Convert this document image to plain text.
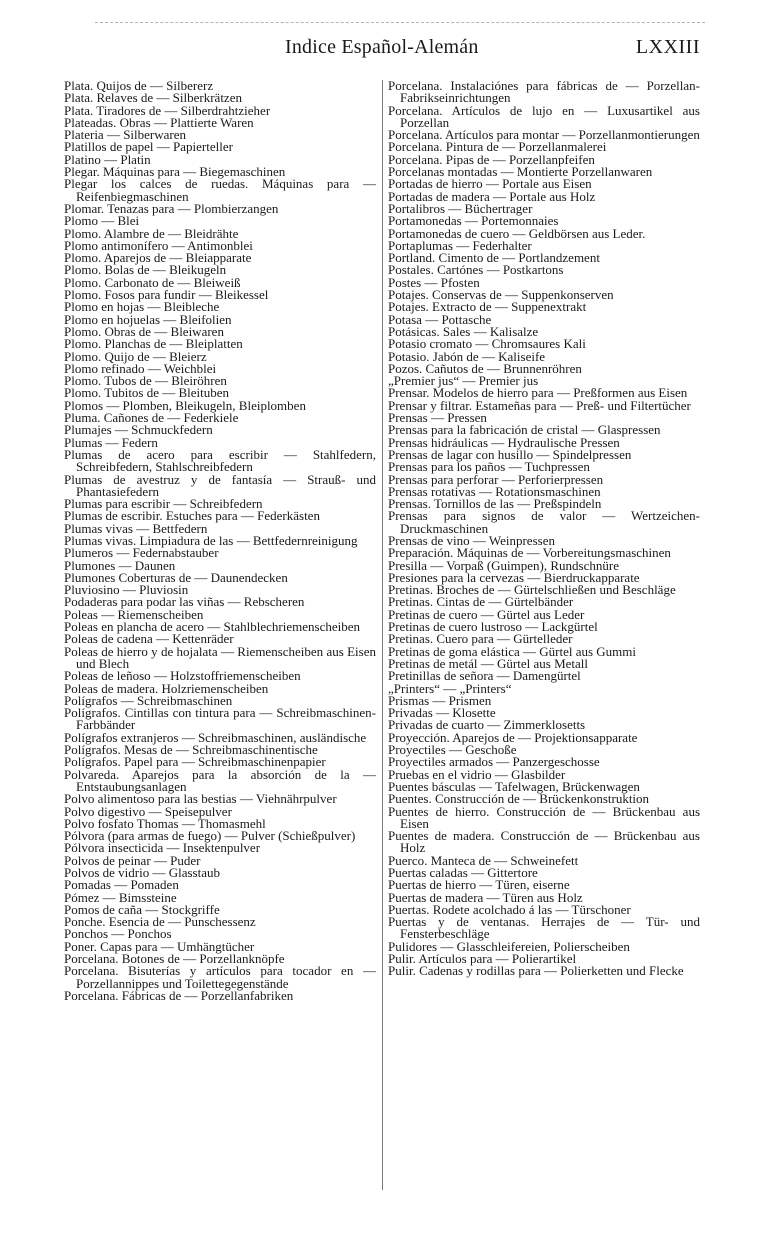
Indice Español-Alemán	LXXIII
Plata. Quijos de — Silbererz
Plata. Relaves de — Silberkrätzen
Plata. Tiradores de — Silberdrahtzieher
Plateadas. Obras — Plattierte Waren
Plateria — Silberwaren
Platillos de papel — Papierteller
Platino — Platin
Plegar. Máquinas para — Biegemaschinen
Plegar los calces de ruedas. Máquinas para — Reifenbiegmaschinen
Plomar. Tenazas para — Plombierzangen
Plomo — Blei
Plomo. Alambre de — Bleidrähte
Plomo antimonífero — Antimonblei
Plomo. Aparejos de — Bleiapparate
Plomo. Bolas de — Bleikugeln
Plomo. Carbonato de — Bleiweiß
Plomo. Fosos para fundir — Bleikessel
Plomo en hojas — Bleibleche
Plomo en hojuelas — Bleifolien
Plomo. Obras de — Bleiwaren
Plomo. Planchas de — Bleiplatten
Plomo. Quijo de — Bleierz
Plomo refinado — Weichblei
Plomo. Tubos de — Bleiröhren
Plomo. Tubitos de — Bleituben
Plomos — Plomben, Bleikugeln, Bleiplomben
Pluma. Cañones de — Federkiele
Plumajes — Schmuckfedern
Plumas — Federn
Plumas de acero para escribir — Stahlfedern, Schreibfedern, Stahlschreibfedern
Plumas de avestruz y de fantasía — Strauß- und Phantasiefedern
Plumas para escribir — Schreibfedern
Plumas de escribir. Estuches para — Federkästen
Plumas vivas — Bettfedern
Plumas vivas. Limpiadura de las — Bettfedernreinigung
Plumeros — Federnabstauber
Plumones — Daunen
Plumones Coberturas de — Daunendecken
Pluviosino — Pluviosin
Podaderas para podar las viñas — Rebscheren
Poleas — Riemenscheiben
Poleas en plancha de acero — Stahlblechriemenscheiben
Poleas de cadena — Kettenräder
Poleas de hierro y de hojalata — Riemenscheiben aus Eisen und Blech
Poleas de leñoso — Holzstoffriemenscheiben
Poleas de madera. Holzriemenscheiben
Polígrafos — Schreibmaschinen
Polígrafos. Cintillas con tintura para — Schreibmaschinen-Farbbänder
Polígrafos extranjeros — Schreibmaschinen, ausländische
Polígrafos. Mesas de — Schreibmaschinentische
Polígrafos. Papel para — Schreibmaschinenpapier
Polvareda. Aparejos para la absorción de la — Entstaubungsanlagen
Polvo alimentoso para las bestias — Viehnährpulver
Polvo digestivo — Speisepulver
Polvo fosfato Thomas — Thomasmehl
Pólvora (para armas de fuego) — Pulver (Schießpulver)
Pólvora insecticida — Insektenpulver
Polvos de peinar — Puder
Polvos de vidrio — Glasstaub
Pomadas — Pomaden
Pómez — Bimssteine
Pomos de caña — Stockgriffe
Ponche. Esencia de — Punschessenz
Ponchos — Ponchos
Poner. Capas para — Umhängtücher
Porcelana. Botones de — Porzellanknöpfe
Porcelana. Bisuterías y artículos para tocador en — Porzellannippes und Toilettegegenstände
Porcelana. Fábricas de — Porzellanfabriken
Porcelana. Instalaciónes para fábricas de — Porzellan-Fabrikseinrichtungen
Porcelana. Artículos de lujo en — Luxusartikel aus Porzellan
Porcelana. Artículos para montar — Porzellanmontierungen
Porcelana. Pintura de — Porzellanmalerei
Porcelana. Pipas de — Porzellanpfeifen
Porcelanas montadas — Montierte Porzellanwaren
Portadas de hierro — Portale aus Eisen
Portadas de madera — Portale aus Holz
Portalibros — Büchertrager
Portamonedas — Portemonnaies
Portamonedas de cuero — Geldbörsen aus Leder.
Portaplumas — Federhalter
Portland. Cimento de — Portlandzement
Postales. Cartónes — Postkartons
Postes — Pfosten
Potajes. Conservas de — Suppenkonserven
Potajes. Extracto de — Suppenextrakt
Potasa — Pottasche
Potásicas. Sales — Kalisalze
Potasio cromato — Chromsaures Kali
Potasio. Jabón de — Kaliseife
Pozos. Cañutos de — Brunnenröhren
„Premier jus“ — Premier jus
Prensar. Modelos de hierro para — Preßformen aus Eisen
Prensar y filtrar. Estameñas para — Preß- und Filtertücher
Prensas — Pressen
Prensas para la fabricación de cristal — Glaspressen
Prensas hidráulicas — Hydraulische Pressen
Prensas de lagar con husillo — Spindelpressen
Prensas para los paños — Tuchpressen
Prensas para perforar — Perforierpressen
Prensas rotativas — Rotationsmaschinen
Prensas. Tornillos de las — Preßspindeln
Prensas para signos de valor — Wertzeichen-Druckmaschinen
Prensas de vino — Weinpressen
Preparación. Máquinas de — Vorbereitungsmaschinen
Presilla — Vorpaß (Guimpen), Rundschnüre
Presiones para la cervezas — Bierdruckapparate
Pretinas. Broches de — Gürtelschließen und Beschläge
Pretinas. Cintas de — Gürtelbänder
Pretinas de cuero — Gürtel aus Leder
Pretinas de cuero lustroso — Lackgürtel
Pretinas. Cuero para — Gürtelleder
Pretinas de goma elástica — Gürtel aus Gummi
Pretinas de metál — Gürtel aus Metall
Pretinillas de señora — Damengürtel
„Printers“ — „Printers“
Prismas — Prismen
Privadas — Klosette
Privadas de cuarto — Zimmerklosetts
Proyección. Aparejos de — Projektionsapparate
Proyectiles — Geschoße
Proyectiles armados — Panzergeschosse
Pruebas en el vidrio — Glasbilder
Puentes básculas — Tafelwagen, Brückenwagen
Puentes. Construcción de — Brückenkonstruktion
Puentes de hierro. Construcción de — Brückenbau aus Eisen
Puentes de madera. Construcción de — Brückenbau aus Holz
Puerco. Manteca de — Schweinefett
Puertas caladas — Gittertore
Puertas de hierro — Türen, eiserne
Puertas de madera — Türen aus Holz
Puertas. Rodete acolchado á las — Türschoner
Puertas y de ventanas. Herrajes de — Tür- und Fensterbeschläge
Pulidores — Glasschleifereien, Polierscheiben
Pulir. Artículos para — Polierartikel
Pulir. Cadenas y rodillas para — Polierketten und Flecke
